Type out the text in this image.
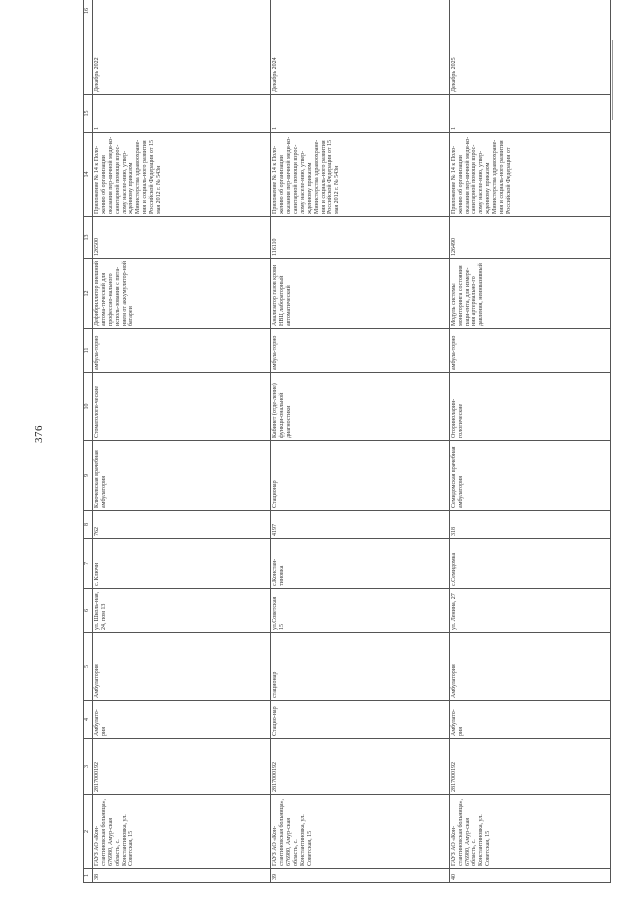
376
1	2	3	4	5	6	7	8	9	10	11	12	13	14	15	16
38	ГАУЗ АО «Кон-стантиновская больница», 676980, Амур-ская область, с. Константиновка, ул. Советская, 15	2817000192	Амбулато-рия	Амбулатория	ул. Школь-ная, 24, пом 13	с. Ключи	762	Ключевская врачебная амбулатория	Стоматологи-ческие	амбула-торно	Дефибриллятор внешний автома-тический для профессио-нального исполь-зования с пита-нием от аккумулятор-ной батареи	126500	Приложение № 14 к Поло-жению об организации оказания пер-вичной меди-ко-санитарной помощи взрос-лому населе-нию, утвер-жденному приказом Министерства здравоохране-ния и социаль-ного развития Российской Федерации от 15 мая 2012 г. № 543н	1	Декабрь 2022
39	ГАУЗ АО «Кон-стантиновская больница», 676980, Амур-ская область, с. Константиновка, ул. Советская, 15	2817000192	Стацио-нар	стационар	ул.Советская 15	с.Констан-тиновка	4197	Стационар	Кабинет (отде-ление) функци-ональной диагностики	амбула-торно	Анализатор газов крови НВЦ лабораторный автоматический	116110	Приложение № 14 к Поло-жению об организации оказания пер-вичной меди-ко-санитарной помощи взрос-лому населе-нию, утвер-жденному приказом Министерства здравоохране-ния и социаль-ного развития Российской Федерации от 15 мая 2012 г. № 543н	1	Декабрь 2024
40	ГАУЗ АО «Кон-стантиновская больница», 676980, Амур-ская область, с. Константиновка, ул. Советская, 15	2817000192	Амбулато-рия	Амбулатория	ул. Ленина, 27	с.Семидомка	318	Семидомская врачебная амбулатория	Оториноларин-гологические	амбула-торно	Модуль системы мониторинга состояния паци-ента, для измере-ния артериально-го давления, неинвазивный	126490	Приложение № 14 к Поло-жению об организации оказания пер-вичной меди-ко-санитарной помощи взрос-лому населе-нию, утвер-жденному приказом Министерства здравоохране-ния и социаль-ного развития Российской Федерации от	1	Декабрь 2025
